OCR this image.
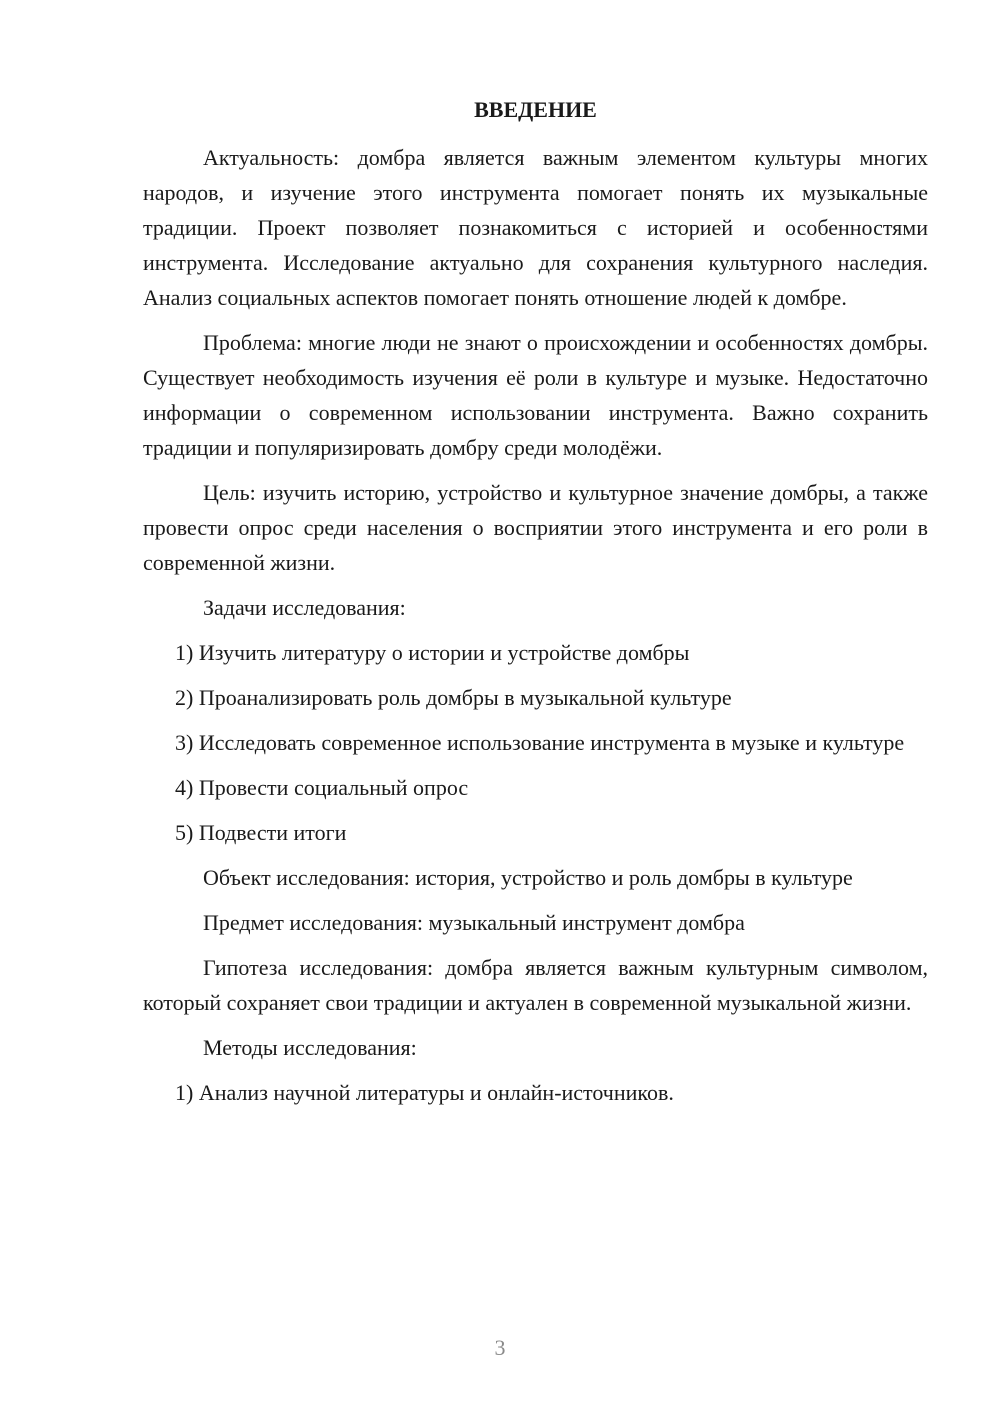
ВВЕДЕНИЕ

Актуальность: домбра является важным элементом культуры многих народов, и изучение этого инструмента помогает понять их музыкальные традиции. Проект позволяет познакомиться с историей и особенностями инструмента. Исследование актуально для сохранения культурного наследия. Анализ социальных аспектов помогает понять отношение людей к домбре.

Проблема: многие люди не знают о происхождении и особенностях домбры. Существует необходимость изучения её роли в культуре и музыке. Недостаточно информации о современном использовании инструмента. Важно сохранить традиции и популяризировать домбру среди молодёжи.

Цель: изучить историю, устройство и культурное значение домбры, а также провести опрос среди населения о восприятии этого инструмента и его роли в современной жизни.

Задачи исследования:

1) Изучить литературу о истории и устройстве домбры

2) Проанализировать роль домбры в музыкальной культуре

3) Исследовать современное использование инструмента в музыке и культуре

4) Провести социальный опрос

5) Подвести итоги

Объект исследования: история, устройство и роль домбры в культуре

Предмет исследования: музыкальный инструмент домбра

Гипотеза исследования: домбра является важным культурным символом, который сохраняет свои традиции и актуален в современной музыкальной жизни.

Методы исследования:

1) Анализ научной литературы и онлайн-источников.

3
